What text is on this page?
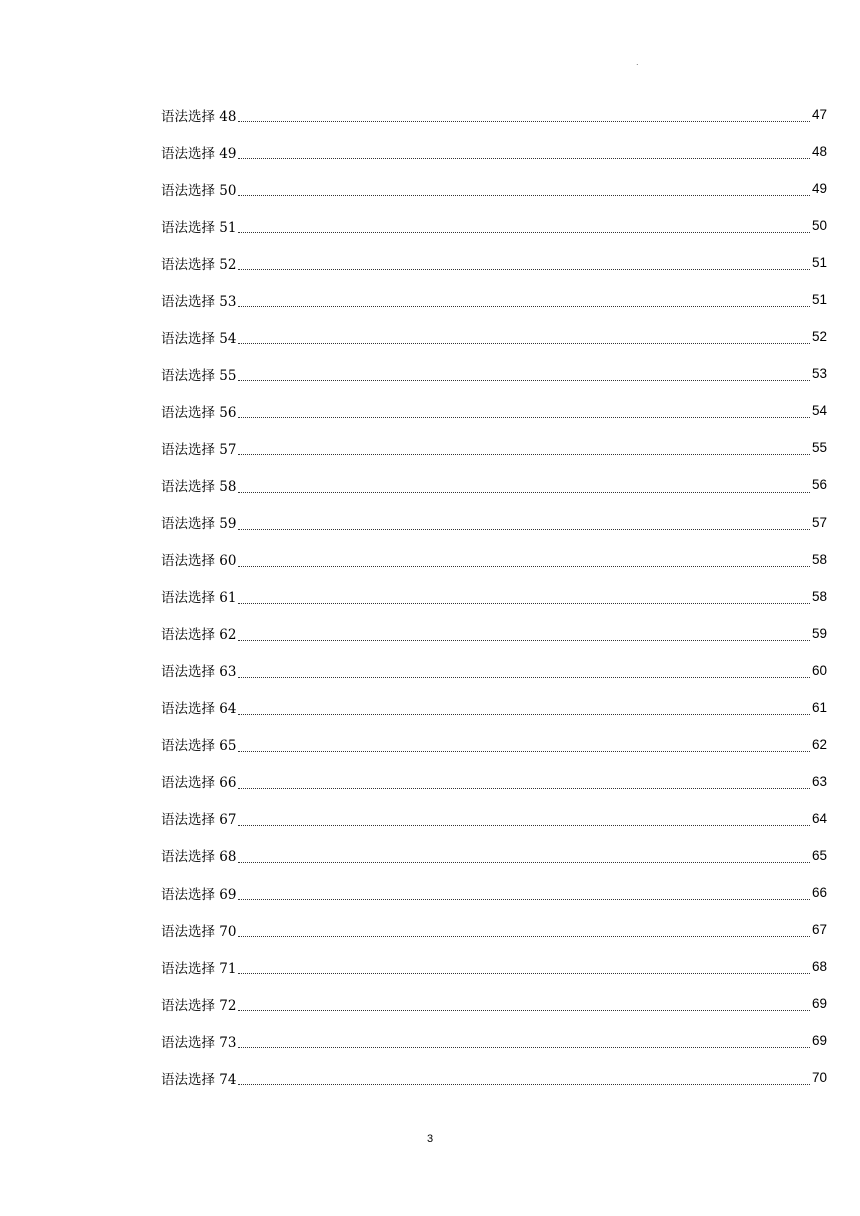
.
语法选择 48	47
语法选择 49	48
语法选择 50	49
语法选择 51	50
语法选择 52	51
语法选择 53	51
语法选择 54	52
语法选择 55	53
语法选择 56	54
语法选择 57	55
语法选择 58	56
语法选择 59	57
语法选择 60	58
语法选择 61	58
语法选择 62	59
语法选择 63	60
语法选择 64	61
语法选择 65	62
语法选择 66	63
语法选择 67	64
语法选择 68	65
语法选择 69	66
语法选择 70	67
语法选择 71	68
语法选择 72	69
语法选择 73	69
语法选择 74	70
3
